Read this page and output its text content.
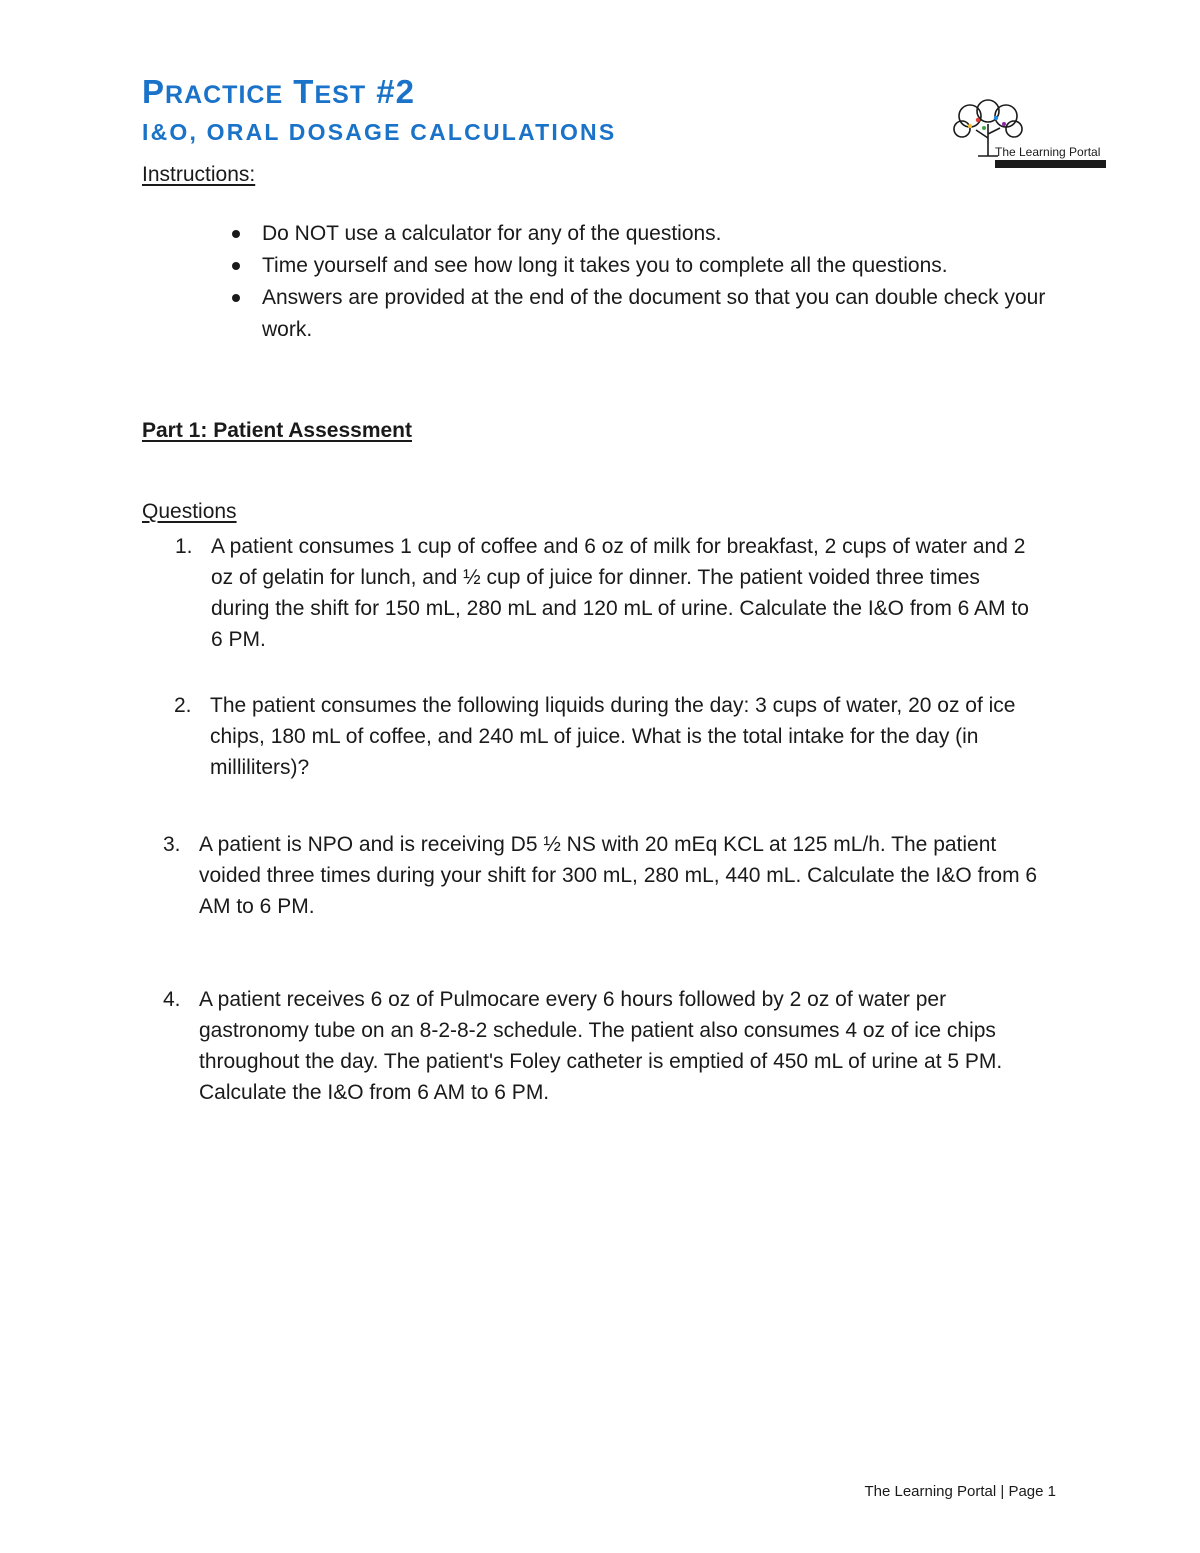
PRACTICE TEST #2
I&O, ORAL DOSAGE CALCULATIONS
The Learning Portal
Instructions:
Do NOT use a calculator for any of the questions.
Time yourself and see how long it takes you to complete all the questions.
Answers are provided at the end of the document so that you can double check your work.
Part 1: Patient Assessment
Questions
1. A patient consumes 1 cup of coffee and 6 oz of milk for breakfast, 2 cups of water and 2 oz of gelatin for lunch, and ½ cup of juice for dinner. The patient voided three times during the shift for 150 mL, 280 mL and 120 mL of urine. Calculate the I&O from 6 AM to 6 PM.
2. The patient consumes the following liquids during the day: 3 cups of water, 20 oz of ice chips, 180 mL of coffee, and 240 mL of juice. What is the total intake for the day (in milliliters)?
3. A patient is NPO and is receiving D5 ½ NS with 20 mEq KCL at 125 mL/h. The patient voided three times during your shift for 300 mL, 280 mL, 440 mL. Calculate the I&O from 6 AM to 6 PM.
4. A patient receives 6 oz of Pulmocare every 6 hours followed by 2 oz of water per gastronomy tube on an 8-2-8-2 schedule. The patient also consumes 4 oz of ice chips throughout the day. The patient's Foley catheter is emptied of 450 mL of urine at 5 PM. Calculate the I&O from 6 AM to 6 PM.
The Learning Portal | Page 1
